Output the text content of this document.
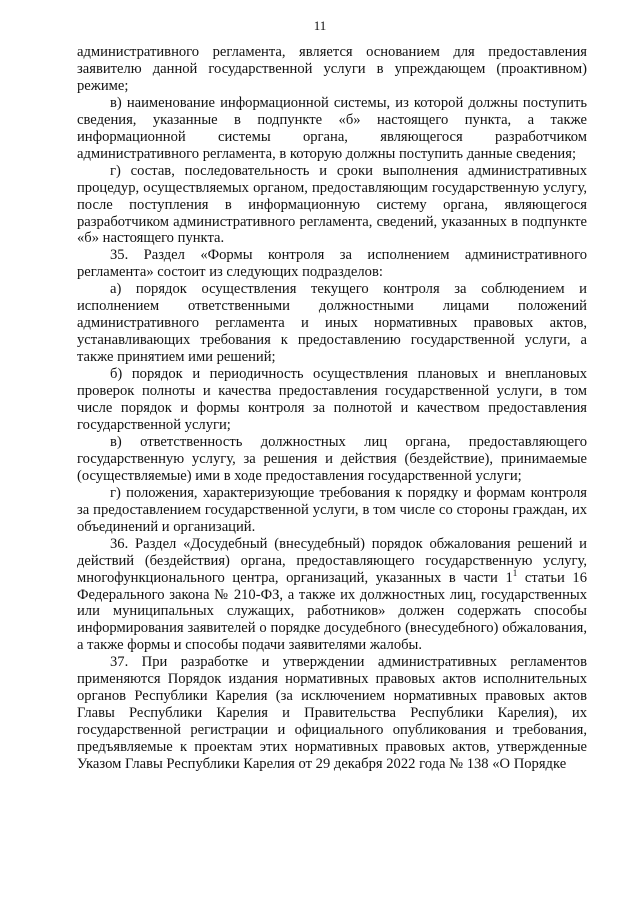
11

административного регламента, является основанием для предоставления заявителю данной государственной услуги в упреждающем (проактивном) режиме;

в) наименование информационной системы, из которой должны поступить сведения, указанные в подпункте «б» настоящего пункта, а также информационной системы органа, являющегося разработчиком административного регламента, в которую должны поступить данные сведения;

г) состав, последовательность и сроки выполнения административных процедур, осуществляемых органом, предоставляющим государственную услугу, после поступления в информационную систему органа, являющегося разработчиком административного регламента, сведений, указанных в подпункте «б» настоящего пункта.

35. Раздел «Формы контроля за исполнением административного регламента» состоит из следующих подразделов:

а) порядок осуществления текущего контроля за соблюдением и исполнением ответственными должностными лицами положений административного регламента и иных нормативных правовых актов, устанавливающих требования к предоставлению государственной услуги, а также принятием ими решений;

б) порядок и периодичность осуществления плановых и внеплановых проверок полноты и качества предоставления государственной услуги, в том числе порядок и формы контроля за полнотой и качеством предоставления государственной услуги;

в) ответственность должностных лиц органа, предоставляющего государственную услугу, за решения и действия (бездействие), принимаемые (осуществляемые) ими в ходе предоставления государственной услуги;

г) положения, характеризующие требования к порядку и формам контроля за предоставлением государственной услуги, в том числе со стороны граждан, их объединений и организаций.

36. Раздел «Досудебный (внесудебный) порядок обжалования решений и действий (бездействия) органа, предоставляющего государственную услугу, многофункционального центра, организаций, указанных в части $1^1$ статьи 16 Федерального закона № 210-ФЗ, а также их должностных лиц, государственных или муниципальных служащих, работников» должен содержать способы информирования заявителей о порядке досудебного (внесудебного) обжалования, а также формы и способы подачи заявителями жалобы.

37. При разработке и утверждении административных регламентов применяются Порядок издания нормативных правовых актов исполнительных органов Республики Карелия (за исключением нормативных правовых актов Главы Республики Карелия и Правительства Республики Карелия), их государственной регистрации и официального опубликования и требования, предъявляемые к проектам этих нормативных правовых актов, утвержденные Указом Главы Республики Карелия от 29 декабря 2022 года № 138 «О Порядке
